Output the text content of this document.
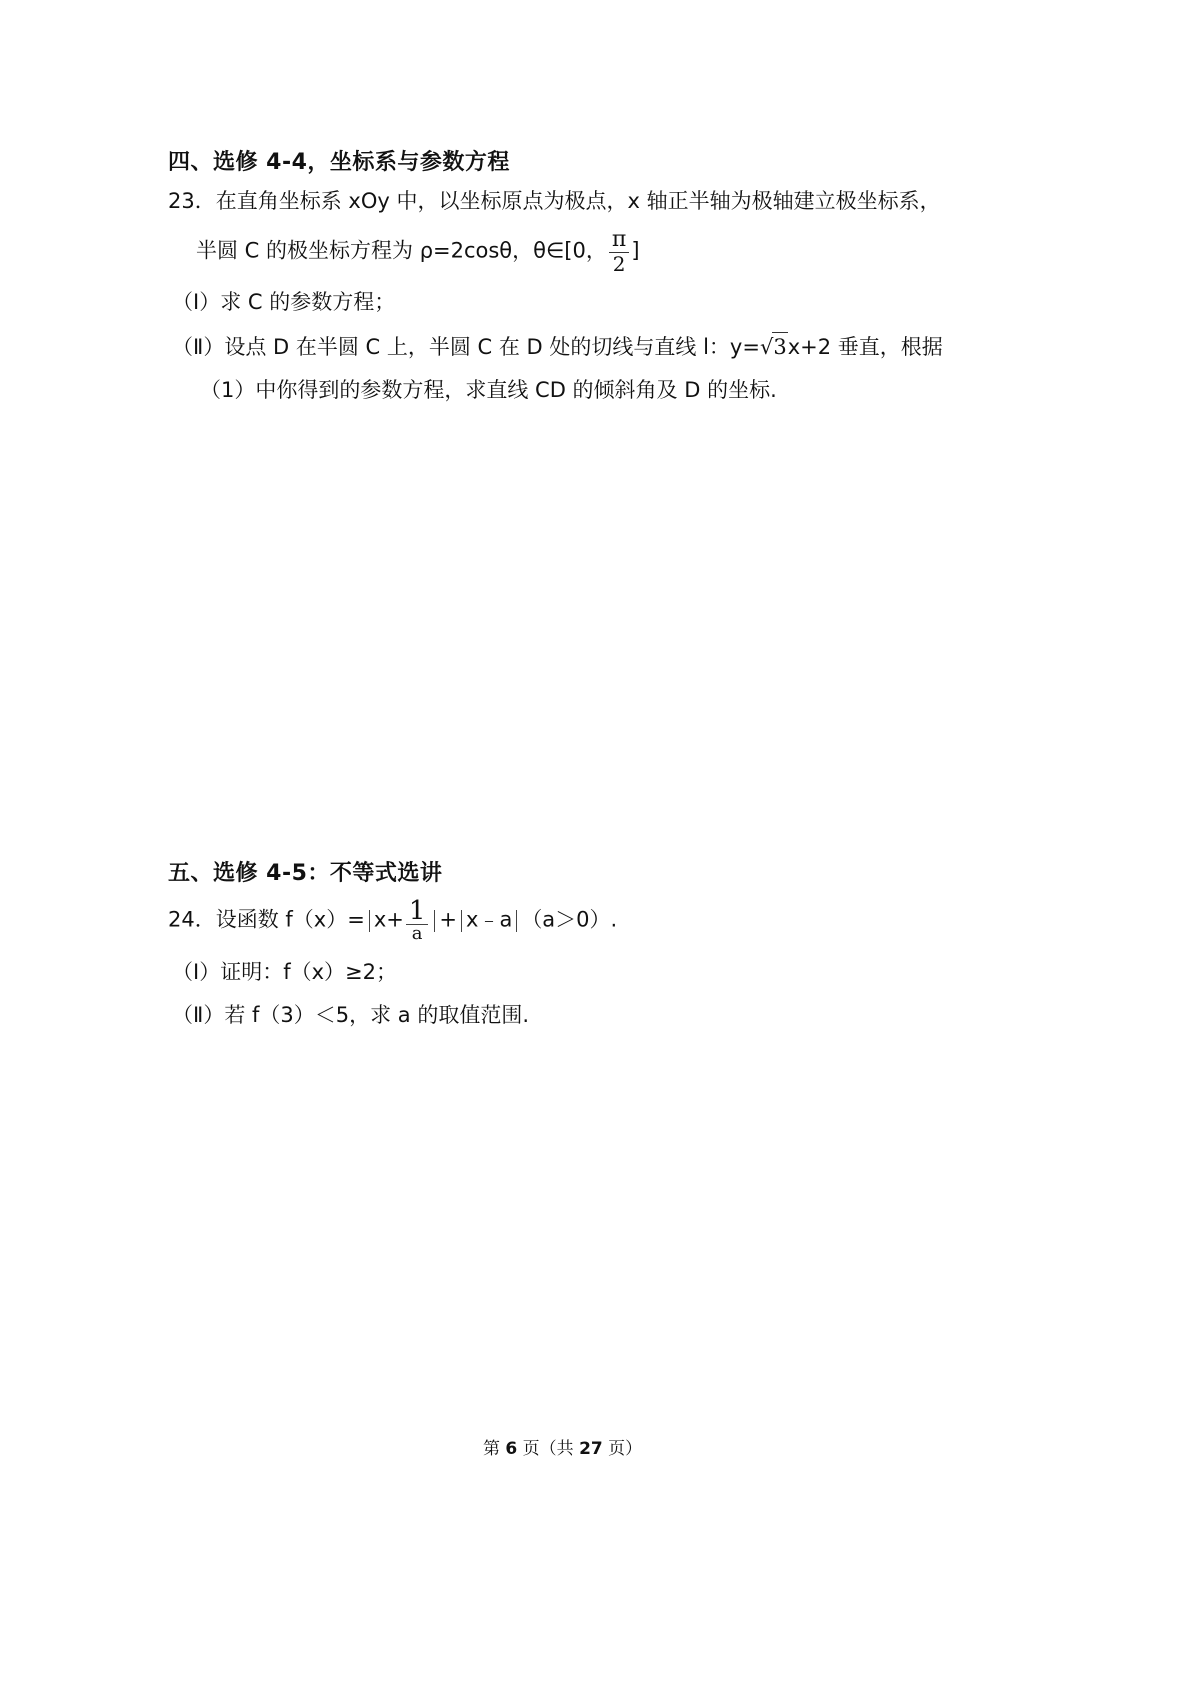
四、选修 4-4，坐标系与参数方程
23．在直角坐标系 xOy 中，以坐标原点为极点，x 轴正半轴为极轴建立极坐标系，
半圆 C 的极坐标方程为 ρ=2cosθ，θ∈[0， $\frac{\pi}{2}$ ]
（Ⅰ）求 C 的参数方程；
（Ⅱ）设点 D 在半圆 C 上，半圆 C 在 D 处的切线与直线 l：y=√3x+2 垂直，根据
（1）中你得到的参数方程，求直线 CD 的倾斜角及 D 的坐标.
五、选修 4-5：不等式选讲
24．设函数 $f(x)= x+ \frac{1}{a}$ + x﹣a （a＞0）.
（Ⅰ）证明：f（x）≥2；
（Ⅱ）若 f（3）＜5，求 a 的取值范围.
第 6 页（共 27 页）
